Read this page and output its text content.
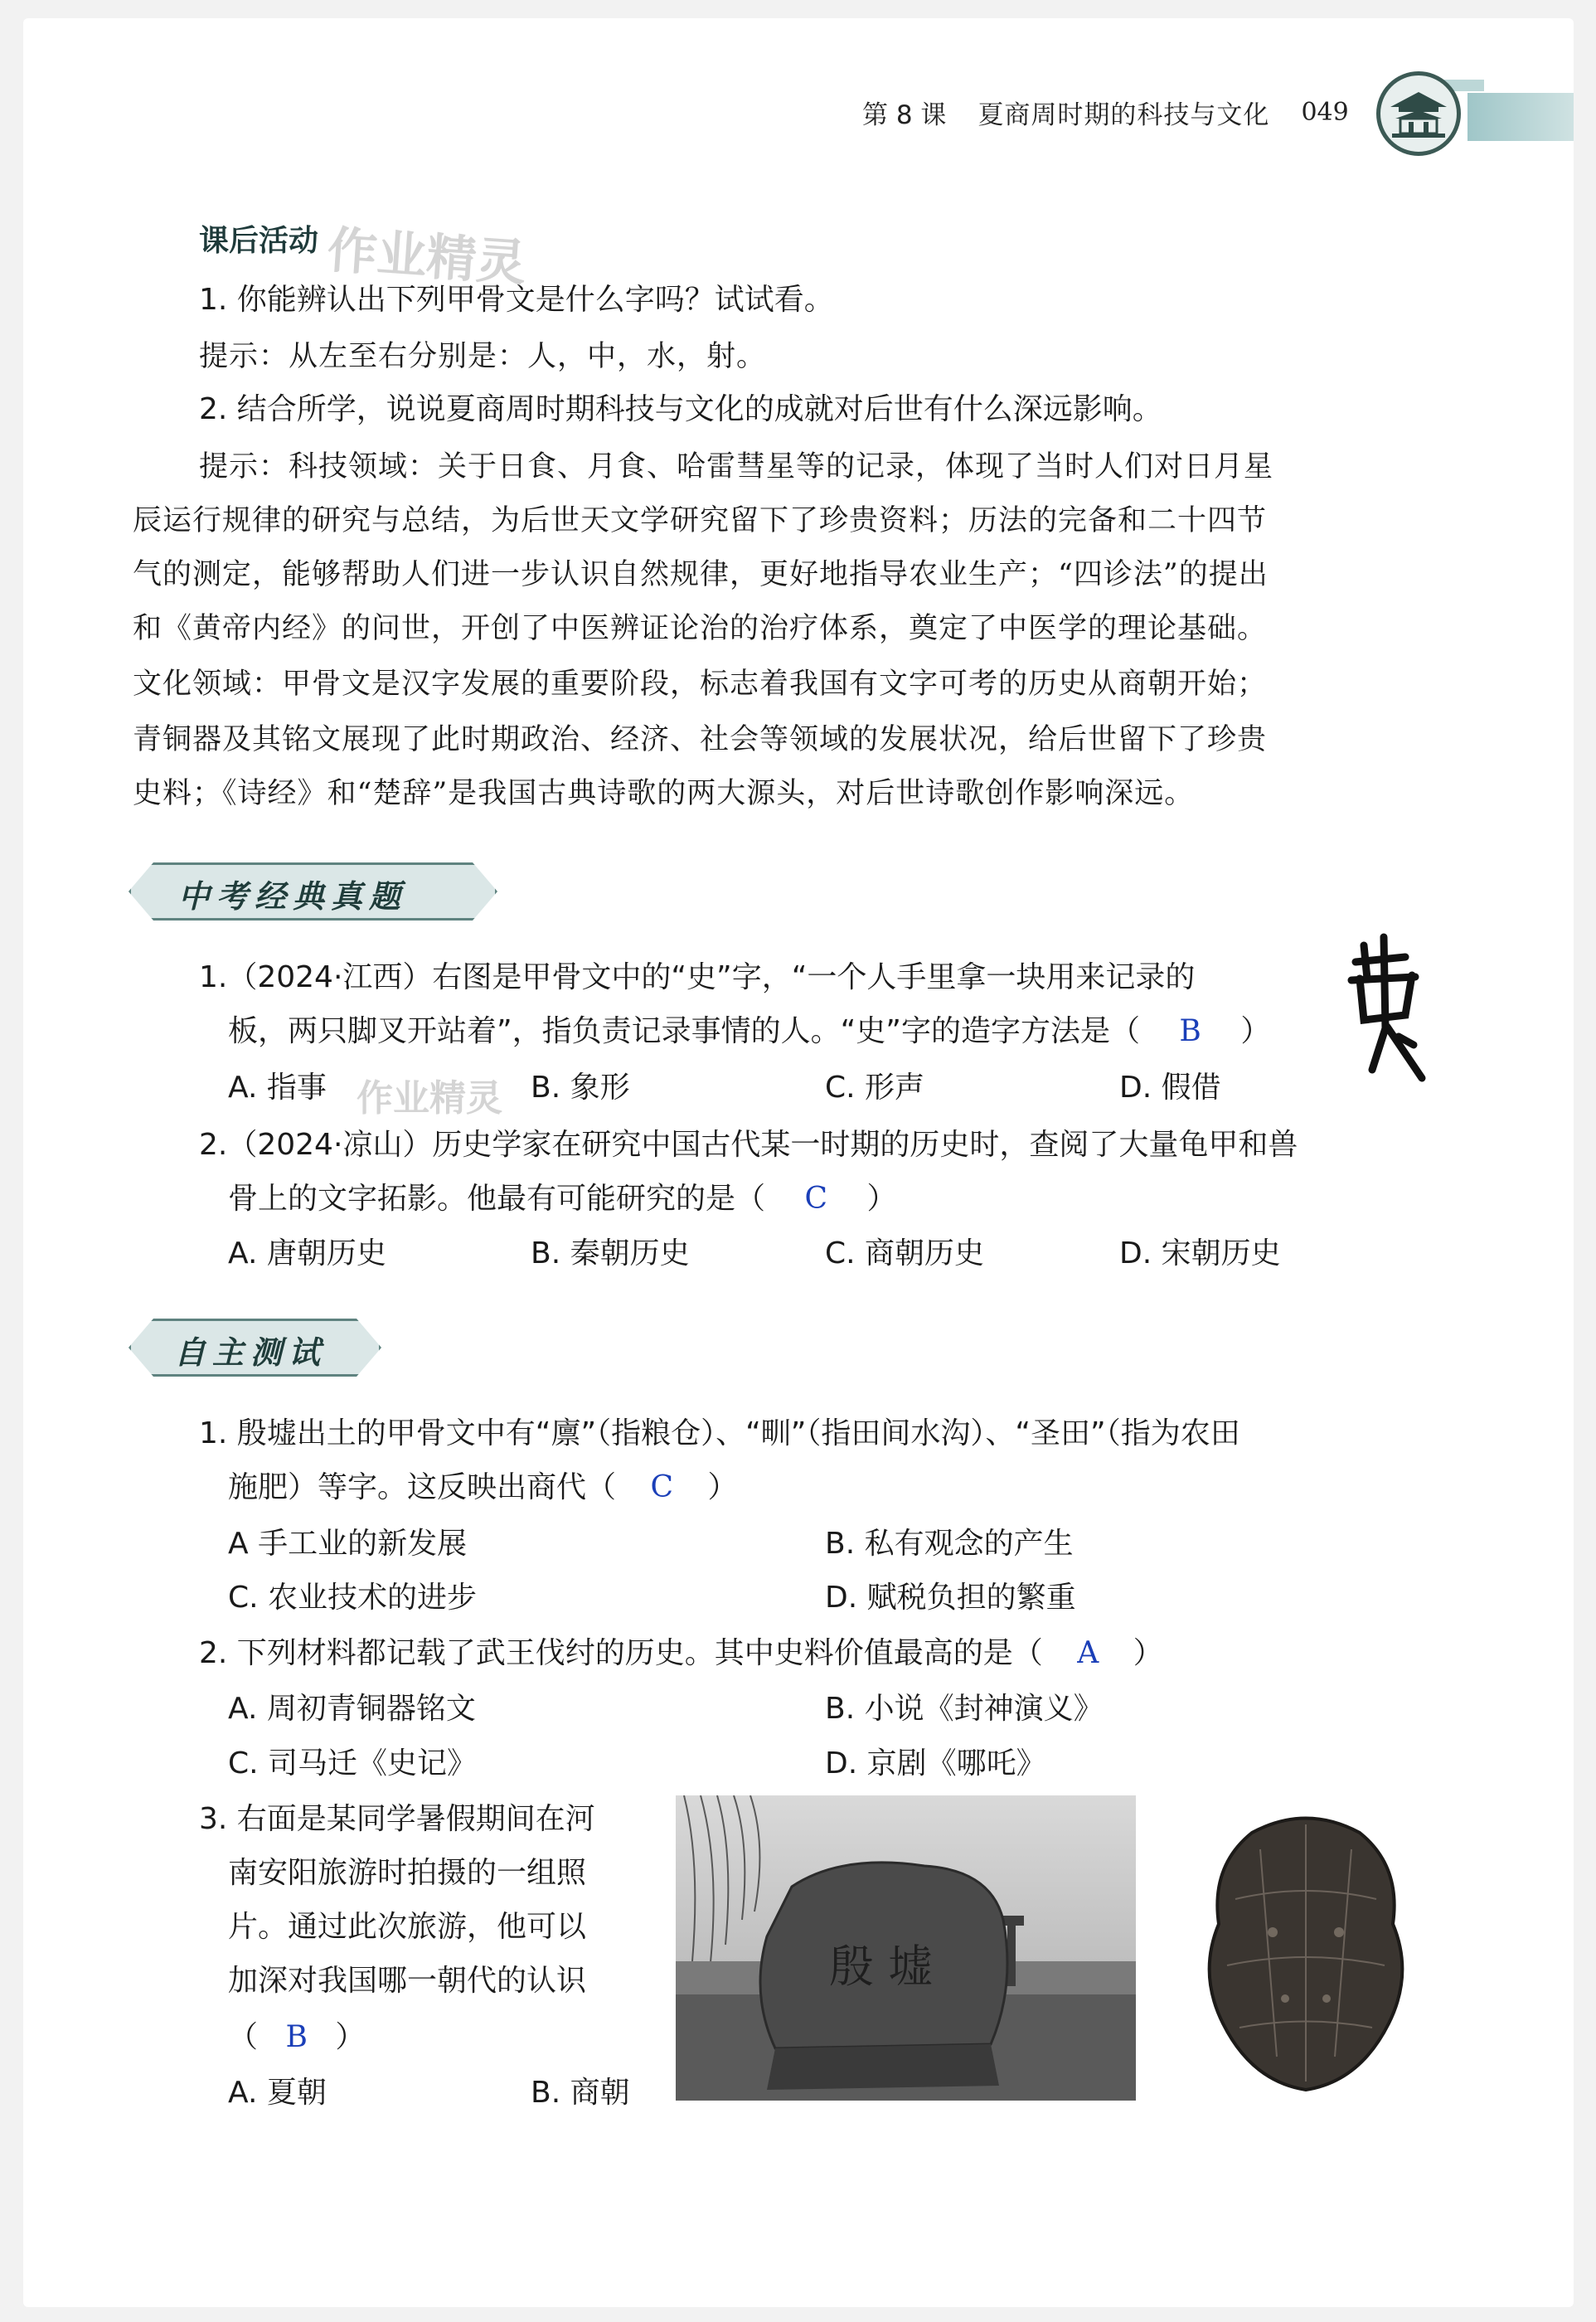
第 8 课 夏商周时期的科技与文化 049
作业精灵
作业精灵
课后活动
1. 你能辨认出下列甲骨文是什么字吗？试试看。
提示：从左至右分别是：人，中，水，射。
2. 结合所学，说说夏商周时期科技与文化的成就对后世有什么深远影响。
提示：科技领域：关于日食、月食、哈雷彗星等的记录，体现了当时人们对日月星
辰运行规律的研究与总结，为后世天文学研究留下了珍贵资料；历法的完备和二十四节
气的测定，能够帮助人们进一步认识自然规律，更好地指导农业生产；“四诊法”的提出
和《黄帝内经》的问世，开创了中医辨证论治的治疗体系，奠定了中医学的理论基础。
文化领域：甲骨文是汉字发展的重要阶段，标志着我国有文字可考的历史从商朝开始；
青铜器及其铭文展现了此时期政治、经济、社会等领域的发展状况，给后世留下了珍贵
史料；《诗经》和“楚辞”是我国古典诗歌的两大源头，对后世诗歌创作影响深远。
中考经典真题
1.（2024·江西）右图是甲骨文中的“史”字，“一个人手里拿一块用来记录的
板，两只脚叉开站着”，指负责记录事情的人。“史”字的造字方法是（ B ）
A. 指事	B. 象形	C. 形声	D. 假借
2.（2024·凉山）历史学家在研究中国古代某一时期的历史时，查阅了大量龟甲和兽
骨上的文字拓影。他最有可能研究的是（ C ）
A. 唐朝历史	B. 秦朝历史	C. 商朝历史	D. 宋朝历史
自主测试
1. 殷墟出土的甲骨文中有“廪”（指粮仓）、“甽”（指田间水沟）、“圣田”（指为农田
施肥）等字。这反映出商代（ C ）
A 手工业的新发展	B. 私有观念的产生
C. 农业技术的进步	D. 赋税负担的繁重
2. 下列材料都记载了武王伐纣的历史。其中史料价值最高的是（ A ）
A. 周初青铜器铭文	B. 小说《封神演义》
C. 司马迁《史记》	D. 京剧《哪吒》
3. 右面是某同学暑假期间在河
南安阳旅游时拍摄的一组照
片。通过此次旅游，他可以
加深对我国哪一朝代的认识
（ B ）
A. 夏朝	B. 商朝
殷 墟
